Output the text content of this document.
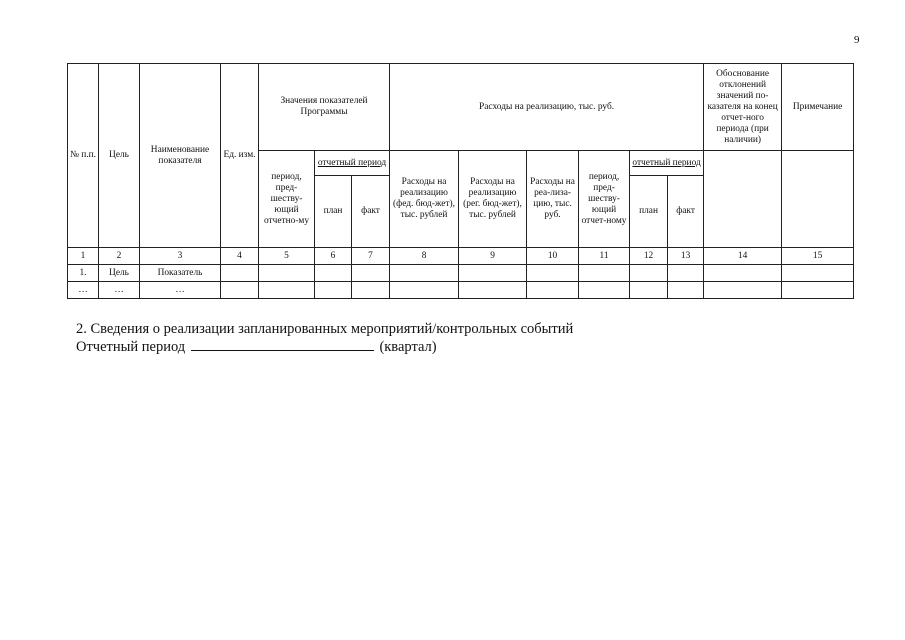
9
№ п.п.	Цель	Наименование показателя	Ед. изм.	Значения показателей Программы			Расходы на реализацию, тыс. руб.						Обоснование отклонений значений по-казателя на конец отчет-ного периода (при наличии)	Примечание
				период, пред-шеству-ющий отчетно-му	отчетный период		Расходы на реализацию (фед. бюд-жет), тыс. рублей	Расходы на реализацию (рег. бюд-жет), тыс. рублей	Расходы на реа-лиза-цию, тыс. руб.	период, пред-шеству-ющий отчет-ному	отчетный период			
					план	факт					план	факт		
1	2	3	4	5	6	7	8	9	10	11	12	13	14	15
1.	Цель	Показатель												
…	…	…												
2. Сведения о реализации запланированных мероприятий/контрольных событий
Отчетный период	(квартал)
